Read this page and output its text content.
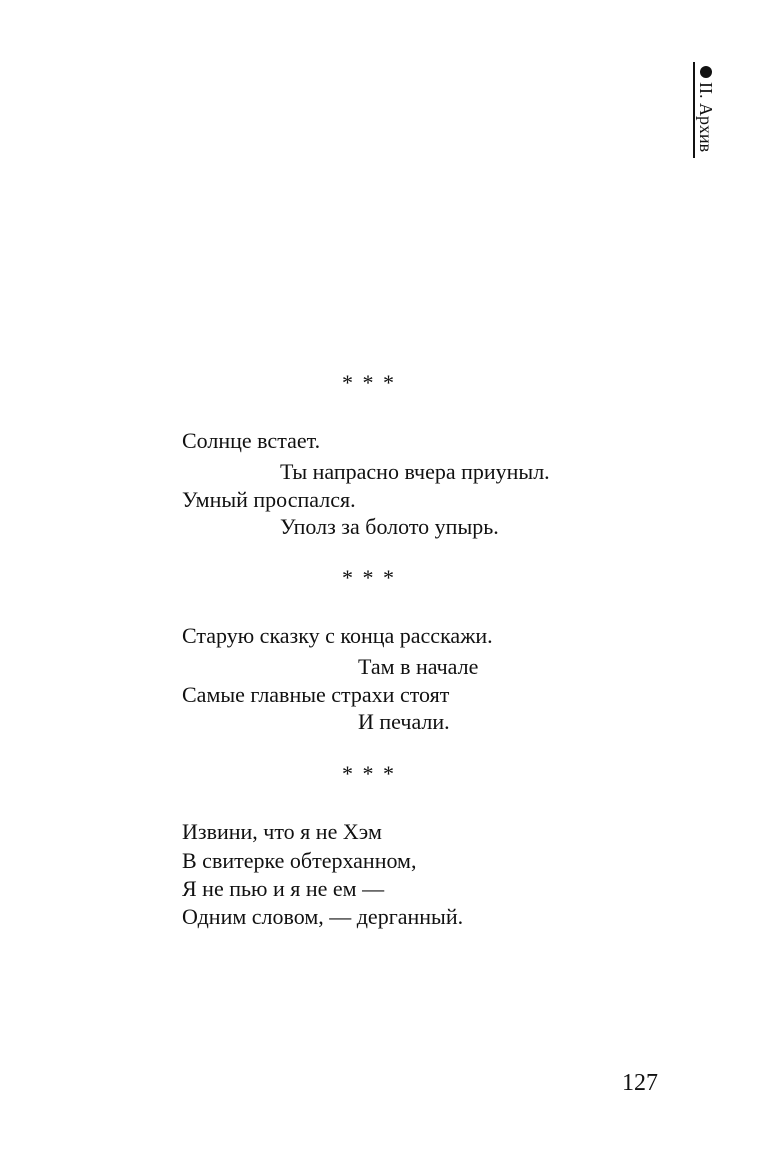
II. Архив
* * *
Солнце встает.
Ты напрасно вчера приуныл.
Умный проспался.
Уполз за болото упырь.
* * *
Старую сказку с конца расскажи.
Там в начале
Самые главные страхи стоят
И печали.
* * *
Извини, что я не Хэм
В свитерке обтерханном,
Я не пью и я не ем —
Одним словом, — дерганный.
127
